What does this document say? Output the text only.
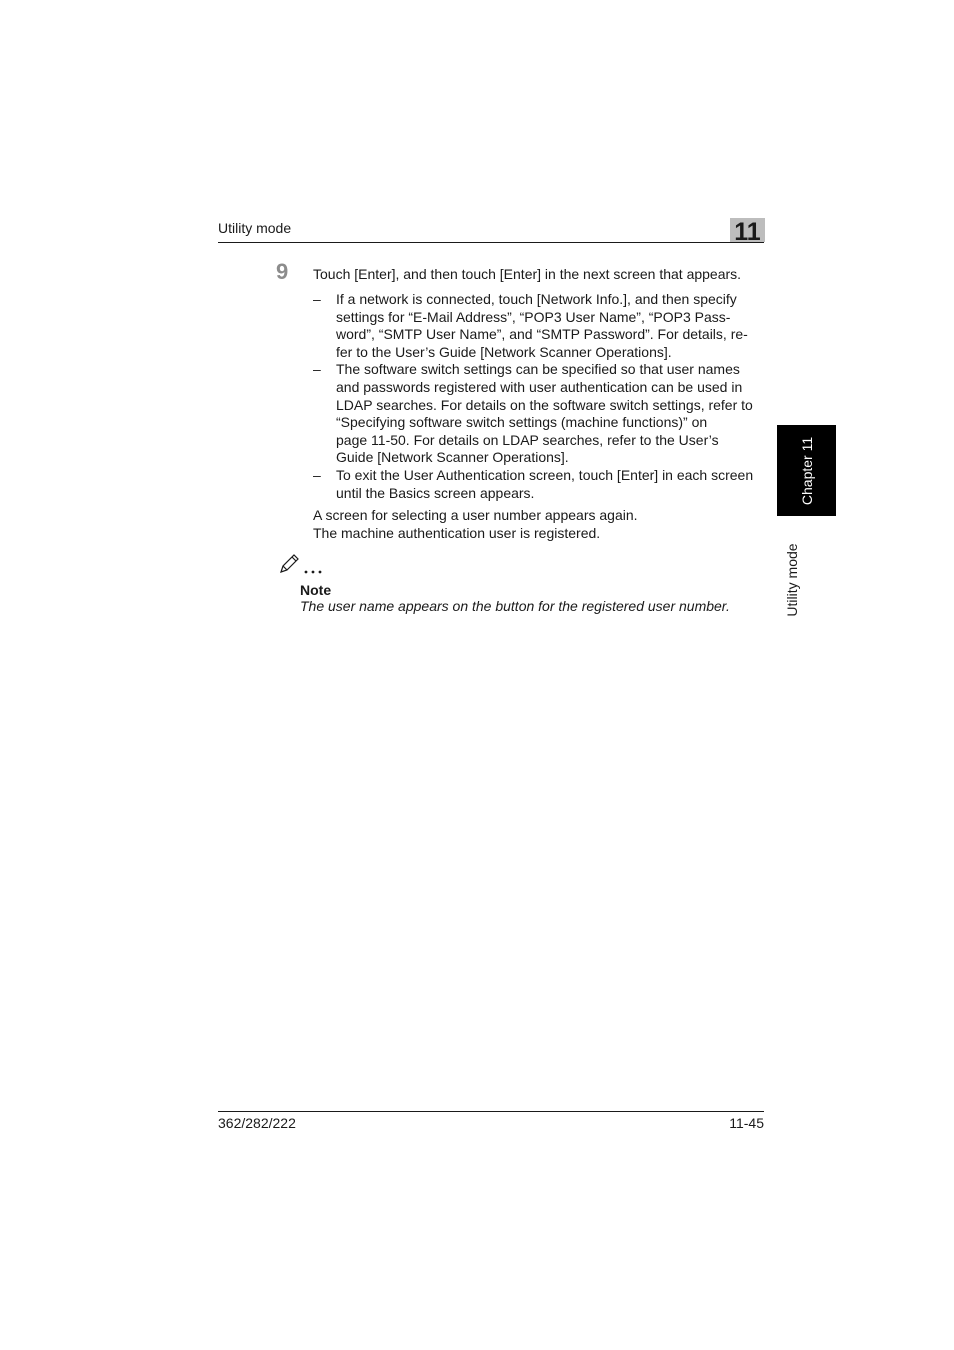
Utility mode	11
9 Touch [Enter], and then touch [Enter] in the next screen that appears.
– If a network is connected, touch [Network Info.], and then specify
settings for “E-Mail Address”, “POP3 User Name”, “POP3 Pass-
word”, “SMTP User Name”, and “SMTP Password”. For details, re-
fer to the User’s Guide [Network Scanner Operations].
– The software switch settings can be specified so that user names
and passwords registered with user authentication can be used in
LDAP searches. For details on the software switch settings, refer to
“Specifying software switch settings (machine functions)” on
page 11-50. For details on LDAP searches, refer to the User’s
Guide [Network Scanner Operations].
– To exit the User Authentication screen, touch [Enter] in each screen
until the Basics screen appears.
A screen for selecting a user number appears again.
The machine authentication user is registered.
Note
The user name appears on the button for the registered user number.
Chapter 11
Utility mode
362/282/222	11-45
